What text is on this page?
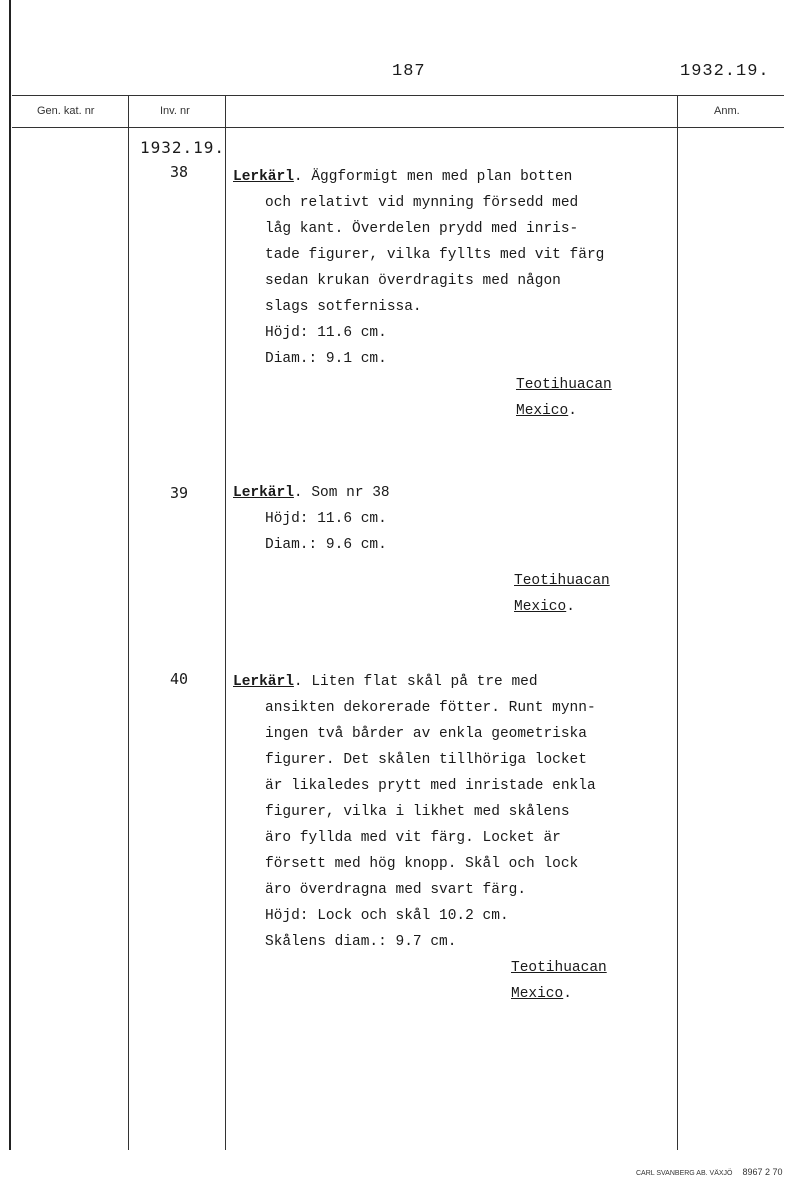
187	1932.19.
Gen. kat. nr	Inv. nr	Anm.
1932.19.
38	Lerkärl. Äggformigt men med plan botten
och relativt vid mynning försedd med
låg kant. Överdelen prydd med inris-
tade figurer, vilka fyllts med vit färg
sedan krukan överdragits med någon
slags sotfernissa.
Höjd: 11.6 cm.
Diam.: 9.1 cm.
Teotihuacan
Mexico.
39	Lerkärl. Som nr 38
Höjd: 11.6 cm.
Diam.: 9.6 cm.
Teotihuacan
Mexico.
40	Lerkärl. Liten flat skål på tre med
ansikten dekorerade fötter. Runt mynn-
ingen två bårder av enkla geometriska
figurer. Det skålen tillhöriga locket
är likaledes prytt med inristade enkla
figurer, vilka i likhet med skålens
äro fyllda med vit färg. Locket är
försett med hög knopp. Skål och lock
äro överdragna med svart färg.
Höjd: Lock och skål 10.2 cm.
Skålens diam.: 9.7 cm.
Teotihuacan
Mexico.
CARL SVANBERG AB. VÄXJÖ 8967 2 70
